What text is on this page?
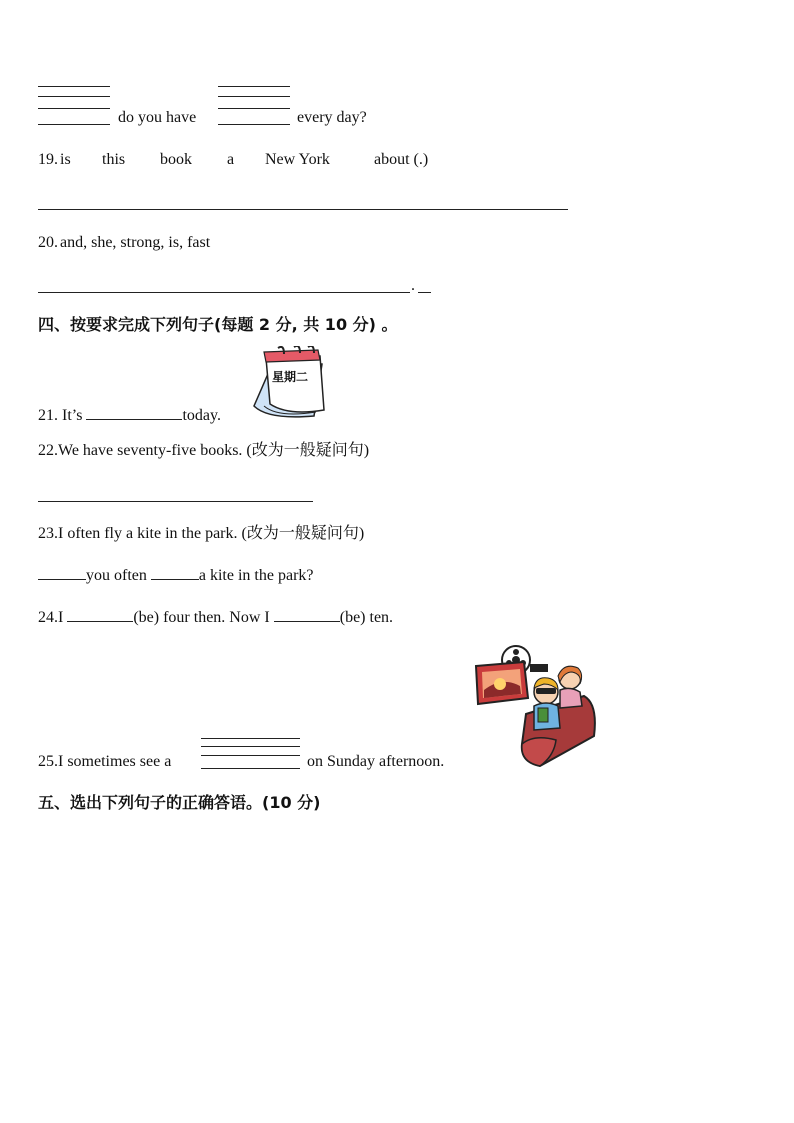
do you have	every day?
19. is this book a New York	about (.)
20. and, she, strong, is, fast
.
四、按要求完成下列句子(每题 2 分, 共 10 分) 。
星期二
21. It’s	today.
22.We have seventy-five books. (改为一般疑问句)
23.I often fly a kite in the park. (改为一般疑问句)
you often	a kite in the park?
24.I	(be) four then. Now I	(be) ten.
25.I sometimes see a	on Sunday afternoon.
五、选出下列句子的正确答语。(10 分)
